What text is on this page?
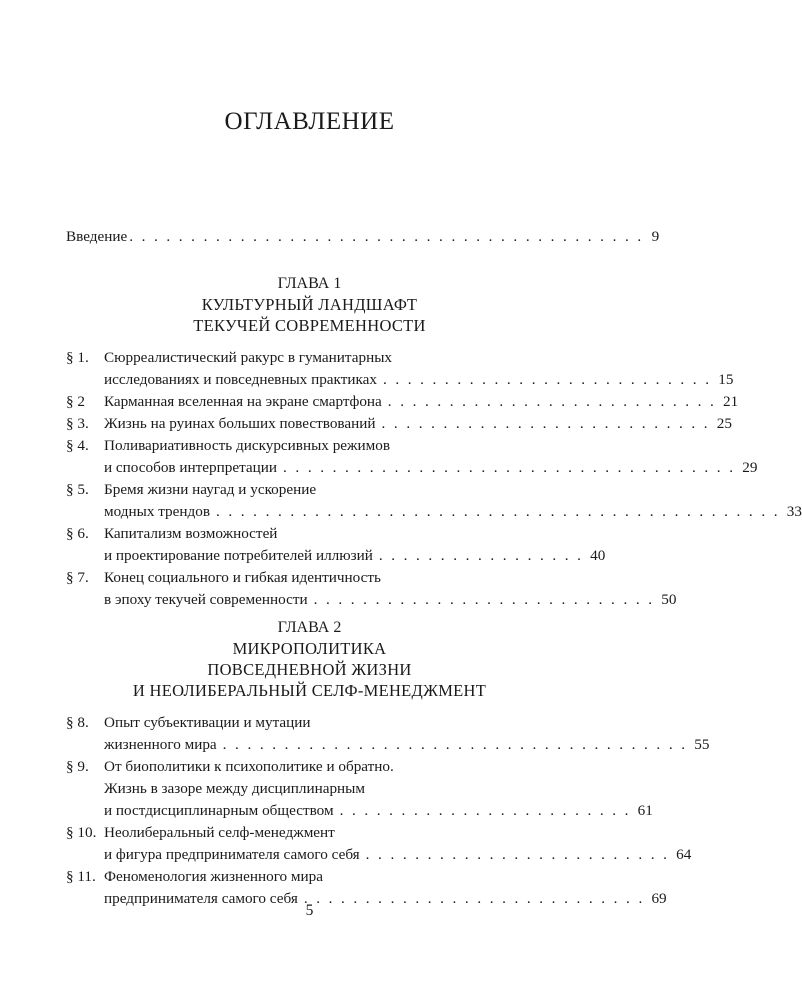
ОГЛАВЛЕНИЕ
Введение . . . . . . . . . . . . . . . . . . . . . . . . . . . . . . . . . . . . . . . . . . 9
ГЛАВА 1
КУЛЬТУРНЫЙ ЛАНДШАФТ
ТЕКУЧЕЙ СОВРЕМЕННОСТИ
§ 1. Сюрреалистический ракурс в гуманитарных
исследованиях и повседневных практиках . . . . . . . . . . . . . . . . . . . . . . . . . . . 15
§ 2 Карманная вселенная на экране смартфона . . . . . . . . . . . . . . . . . . . . . . . . . . . 21
§ 3. Жизнь на руинах больших повествований . . . . . . . . . . . . . . . . . . . . . . . . . . . 25
§ 4. Поливариативность дискурсивных режимов
и способов интерпретации . . . . . . . . . . . . . . . . . . . . . . . . . . . . . . . . . . . . . 29
§ 5. Бремя жизни наугад и ускорение
модных трендов . . . . . . . . . . . . . . . . . . . . . . . . . . . . . . . . . . . . . . . . . . . . . . 33
§ 6. Капитализм возможностей
и проектирование потребителей иллюзий . . . . . . . . . . . . . . . . . 40
§ 7. Конец социального и гибкая идентичность
в эпоху текучей современности . . . . . . . . . . . . . . . . . . . . . . . . . . . . 50
ГЛАВА 2
МИКРОПОЛИТИКА
ПОВСЕДНЕВНОЙ ЖИЗНИ
И НЕОЛИБЕРАЛЬНЫЙ СЕЛФ-МЕНЕДЖМЕНТ
§ 8. Опыт субъективации и мутации
жизненного мира . . . . . . . . . . . . . . . . . . . . . . . . . . . . . . . . . . . . . . 55
§ 9. От биополитики к психополитике и обратно.
Жизнь в зазоре между дисциплинарным
и постдисциплинарным обществом . . . . . . . . . . . . . . . . . . . . . . . . 61
§ 10. Неолиберальный селф-менеджмент
и фигура предпринимателя самого себя . . . . . . . . . . . . . . . . . . . . . . . . . 64
§ 11. Феноменология жизненного мира
предпринимателя самого себя . . . . . . . . . . . . . . . . . . . . . . . . . . . . 69
5
